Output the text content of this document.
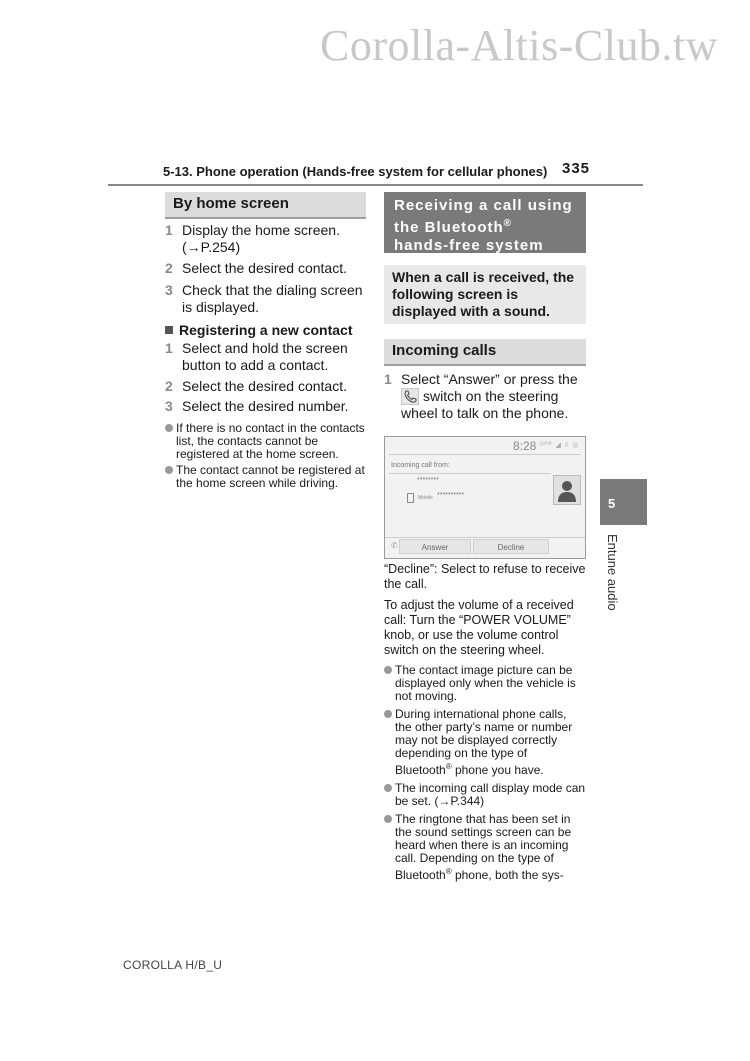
Corolla-Altis-Club.tw
5-13. Phone operation (Hands-free system for cellular phones) 335
By home screen
1 Display the home screen. (→P.254)
2 Select the desired contact.
3 Check that the dialing screen is displayed.
Registering a new contact
1 Select and hold the screen button to add a contact.
2 Select the desired contact.
3 Select the desired number.
If there is no contact in the contacts list, the contacts cannot be registered at the home screen.
The contact cannot be registered at the home screen while driving.
Receiving a call using
the Bluetooth®
hands-free system
When a call is received, the following screen is displayed with a sound.
Incoming calls
1 Select “Answer” or press the
switch on the steering wheel to talk on the phone.
8:28 ᴳᴾᴿ ◢ ◊ ◎
Incoming call from:
********
Mobile **********
✆	Answer	Decline
“Decline”: Select to refuse to receive the call.
To adjust the volume of a received call: Turn the “POWER VOLUME” knob, or use the volume control switch on the steering wheel.
The contact image picture can be displayed only when the vehicle is not moving.
During international phone calls, the other party’s name or number may not be displayed correctly depending on the type of Bluetooth® phone you have.
The incoming call display mode can be set. (→P.344)
The ringtone that has been set in the sound settings screen can be heard when there is an incoming call. Depending on the type of Bluetooth® phone, both the sys-
5
Entune audio
COROLLA H/B_U
